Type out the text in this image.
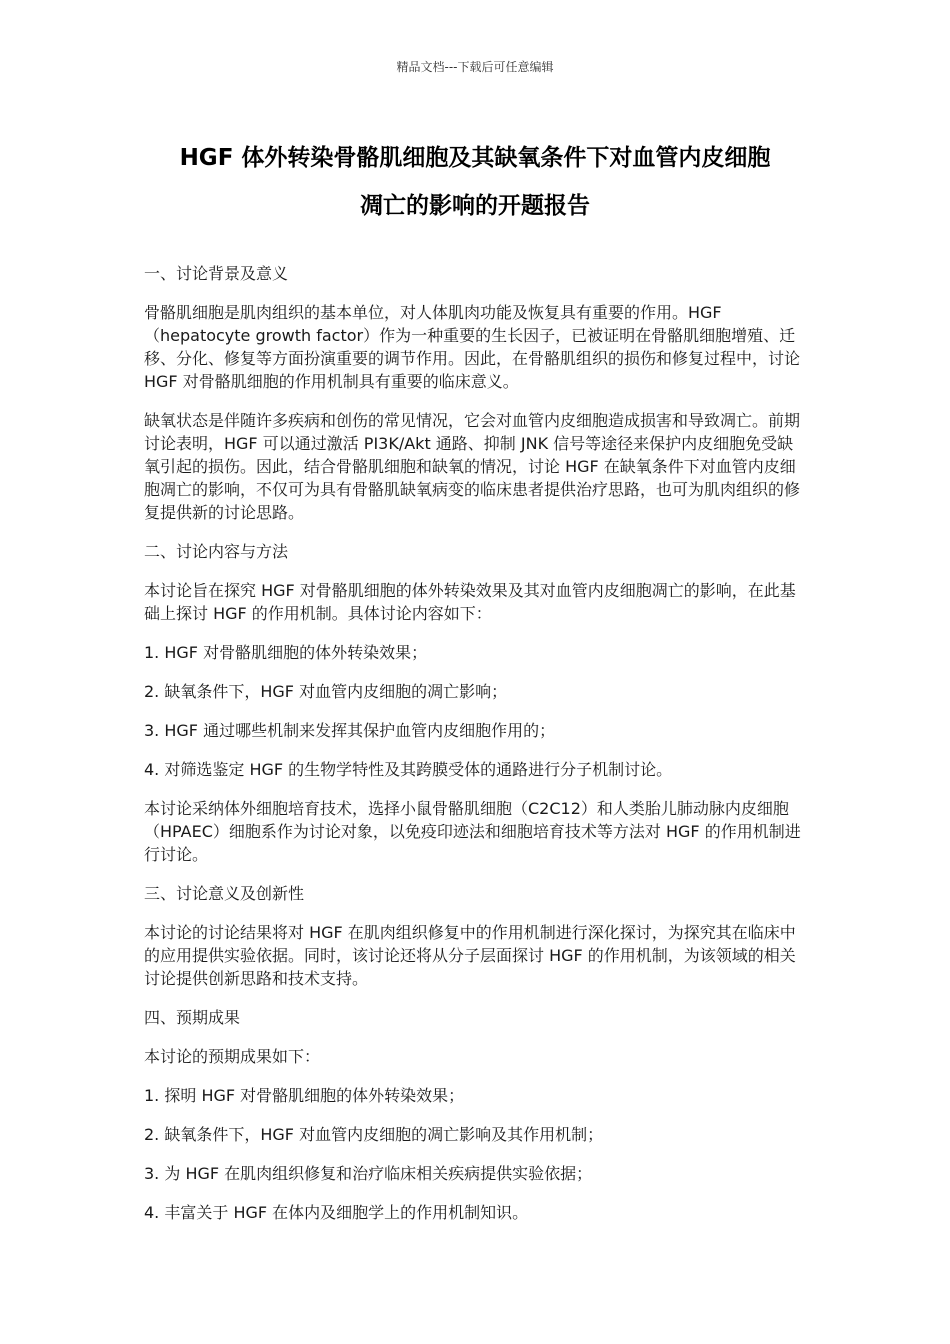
精品文档---下载后可任意编辑
HGF 体外转染骨骼肌细胞及其缺氧条件下对血管内皮细胞
凋亡的影响的开题报告

一、讨论背景及意义

骨骼肌细胞是肌肉组织的基本单位，对人体肌肉功能及恢复具有重要的作用。HGF（hepatocyte growth factor）作为一种重要的生长因子，已被证明在骨骼肌细胞增殖、迁移、分化、修复等方面扮演重要的调节作用。因此，在骨骼肌组织的损伤和修复过程中，讨论 HGF 对骨骼肌细胞的作用机制具有重要的临床意义。

缺氧状态是伴随许多疾病和创伤的常见情况，它会对血管内皮细胞造成损害和导致凋亡。前期讨论表明，HGF 可以通过激活 PI3K/Akt 通路、抑制 JNK 信号等途径来保护内皮细胞免受缺氧引起的损伤。因此，结合骨骼肌细胞和缺氧的情况，讨论 HGF 在缺氧条件下对血管内皮细胞凋亡的影响，不仅可为具有骨骼肌缺氧病变的临床患者提供治疗思路，也可为肌肉组织的修复提供新的讨论思路。

二、讨论内容与方法

本讨论旨在探究 HGF 对骨骼肌细胞的体外转染效果及其对血管内皮细胞凋亡的影响，在此基础上探讨 HGF 的作用机制。具体讨论内容如下：

1. HGF 对骨骼肌细胞的体外转染效果；

2. 缺氧条件下，HGF 对血管内皮细胞的凋亡影响；

3. HGF 通过哪些机制来发挥其保护血管内皮细胞作用的；

4. 对筛选鉴定 HGF 的生物学特性及其跨膜受体的通路进行分子机制讨论。

本讨论采纳体外细胞培育技术，选择小鼠骨骼肌细胞（C2C12）和人类胎儿肺动脉内皮细胞（HPAEC）细胞系作为讨论对象，以免疫印迹法和细胞培育技术等方法对 HGF 的作用机制进行讨论。

三、讨论意义及创新性

本讨论的讨论结果将对 HGF 在肌肉组织修复中的作用机制进行深化探讨，为探究其在临床中的应用提供实验依据。同时，该讨论还将从分子层面探讨 HGF 的作用机制，为该领域的相关讨论提供创新思路和技术支持。

四、预期成果

本讨论的预期成果如下：

1. 探明 HGF 对骨骼肌细胞的体外转染效果；

2. 缺氧条件下，HGF 对血管内皮细胞的凋亡影响及其作用机制；

3. 为 HGF 在肌肉组织修复和治疗临床相关疾病提供实验依据；

4. 丰富关于 HGF 在体内及细胞学上的作用机制知识。
